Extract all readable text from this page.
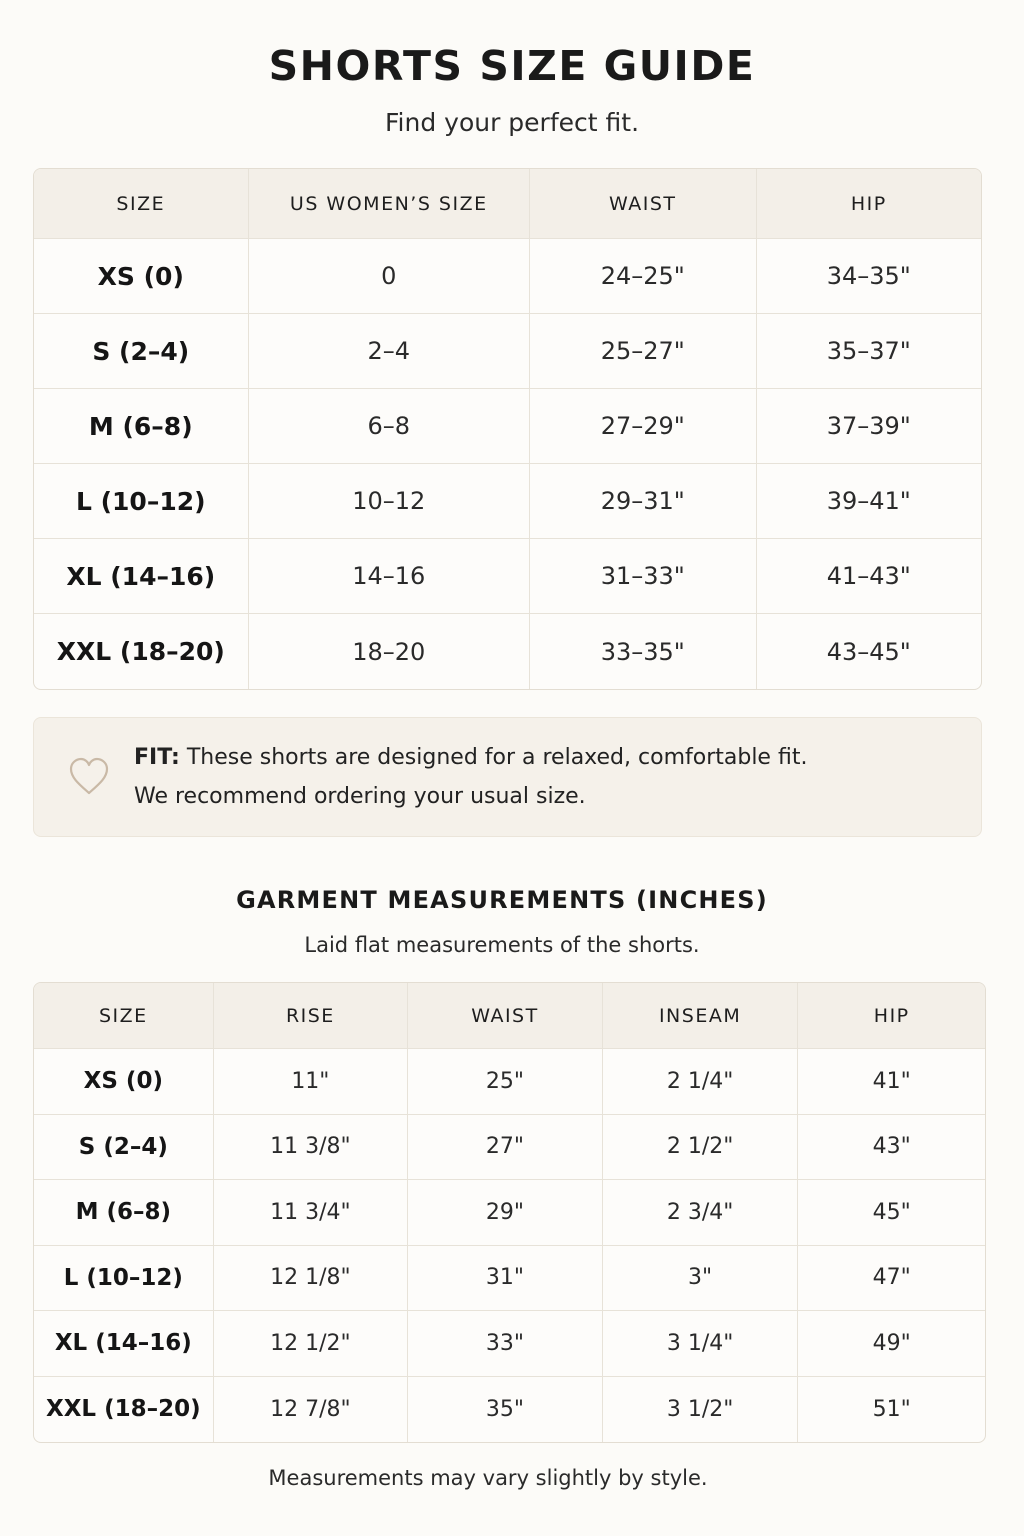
SHORTS SIZE GUIDE
Find your perfect fit.
SIZE	US WOMEN’S SIZE	WAIST	HIP
XS (0)	0	24–25"	34–35"
S (2–4)	2–4	25–27"	35–37"
M (6–8)	6–8	27–29"	37–39"
L (10–12)	10–12	29–31"	39–41"
XL (14–16)	14–16	31–33"	41–43"
XXL (18–20)	18–20	33–35"	43–45"
FIT: These shorts are designed for a relaxed, comfortable fit.
We recommend ordering your usual size.
GARMENT MEASUREMENTS (INCHES)
Laid flat measurements of the shorts.
SIZE	RISE	WAIST	INSEAM	HIP
XS (0)	11"	25"	2 1/4"	41"
S (2–4)	11 3/8"	27"	2 1/2"	43"
M (6–8)	11 3/4"	29"	2 3/4"	45"
L (10–12)	12 1/8"	31"	3"	47"
XL (14–16)	12 1/2"	33"	3 1/4"	49"
XXL (18–20)	12 7/8"	35"	3 1/2"	51"
Measurements may vary slightly by style.
